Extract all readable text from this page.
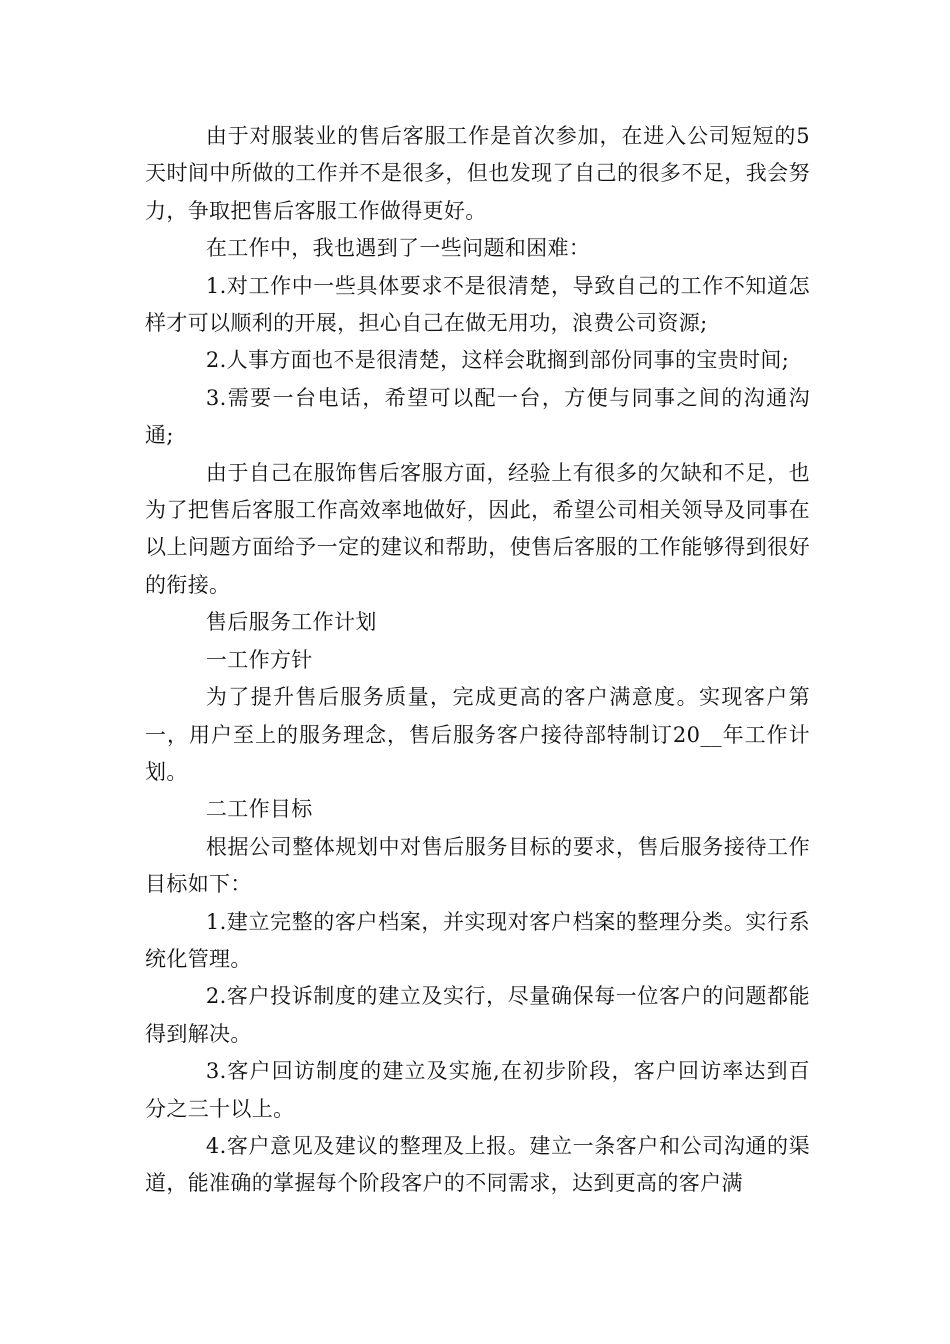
由于对服装业的售后客服工作是首次参加，在进入公司短短的5天时间中所做的工作并不是很多，但也发现了自己的很多不足，我会努力，争取把售后客服工作做得更好。

在工作中，我也遇到了一些问题和困难：

1.对工作中一些具体要求不是很清楚，导致自己的工作不知道怎样才可以顺利的开展，担心自己在做无用功，浪费公司资源;

2.人事方面也不是很清楚，这样会耽搁到部份同事的宝贵时间;

3.需要一台电话，希望可以配一台，方便与同事之间的沟通沟通;

由于自己在服饰售后客服方面，经验上有很多的欠缺和不足，也为了把售后客服工作高效率地做好，因此，希望公司相关领导及同事在以上问题方面给予一定的建议和帮助，使售后客服的工作能够得到很好的衔接。

售后服务工作计划

一工作方针

为了提升售后服务质量，完成更高的客户满意度。实现客户第一，用户至上的服务理念，售后服务客户接待部特制订20__年工作计划。

二工作目标

根据公司整体规划中对售后服务目标的要求，售后服务接待工作目标如下：

1.建立完整的客户档案，并实现对客户档案的整理分类。实行系统化管理。

2.客户投诉制度的建立及实行，尽量确保每一位客户的问题都能得到解决。

3.客户回访制度的建立及实施,在初步阶段，客户回访率达到百分之三十以上。

4.客户意见及建议的整理及上报。建立一条客户和公司沟通的渠道，能准确的掌握每个阶段客户的不同需求，达到更高的客户满
